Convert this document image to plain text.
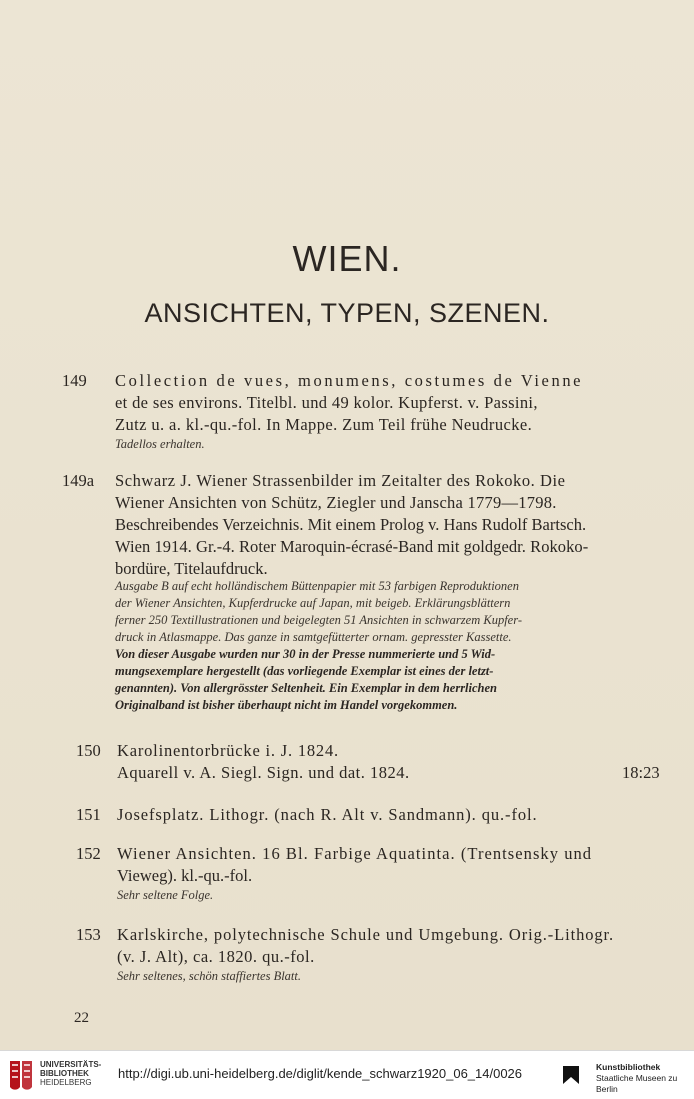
WIEN.
ANSICHTEN, TYPEN, SZENEN.
149 Collection de vues, monumens, costumes de Vienne
et de ses environs. Titelbl. und 49 kolor. Kupferst. v. Passini,
Zutz u. a. kl.-qu.-fol. In Mappe. Zum Teil frühe Neudrucke.
Tadellos erhalten.
149a Schwarz J. Wiener Strassenbilder im Zeitalter des Rokoko. Die
Wiener Ansichten von Schütz, Ziegler und Janscha 1779—1798.
Beschreibendes Verzeichnis. Mit einem Prolog v. Hans Rudolf Bartsch.
Wien 1914. Gr.-4. Roter Maroquin-écrasé-Band mit goldgedr. Rokoko-
bordüre, Titelaufdruck.
Ausgabe B auf echt holländischem Büttenpapier mit 53 farbigen Reproduktionen
der Wiener Ansichten, Kupferdrucke auf Japan, mit beigeb. Erklärungsblättern
ferner 250 Textillustrationen und beigelegten 51 Ansichten in schwarzem Kupfer-
druck in Atlasmappe. Das ganze in samtgefütterter ornam. gepresster Kassette.
Von dieser Ausgabe wurden nur 30 in der Presse nummerierte und 5 Wid-
mungsexemplare hergestellt (das vorliegende Exemplar ist eines der letzt-
genannten). Von allergrösster Seltenheit. Ein Exemplar in dem herrlichen
Originalband ist bisher überhaupt nicht im Handel vorgekommen.
150 Karolinentorbrücke i. J. 1824.
Aquarell v. A. Siegl. Sign. und dat. 1824.	18:23
151 Josefsplatz. Lithogr. (nach R. Alt v. Sandmann). qu.-fol.
152 Wiener Ansichten. 16 Bl. Farbige Aquatinta. (Trentsensky und
Vieweg). kl.-qu.-fol.
Sehr seltene Folge.
153 Karlskirche, polytechnische Schule und Umgebung. Orig.-Lithogr.
(v. J. Alt), ca. 1820. qu.-fol.
Sehr seltenes, schön staffiertes Blatt.
22
UNIVERSITÄTS-
BIBLIOTHEK
HEIDELBERG
http://digi.ub.uni-heidelberg.de/diglit/kende_schwarz1920_06_14/0026	Kunstbibliothek
Staatliche Museen zu Berlin
